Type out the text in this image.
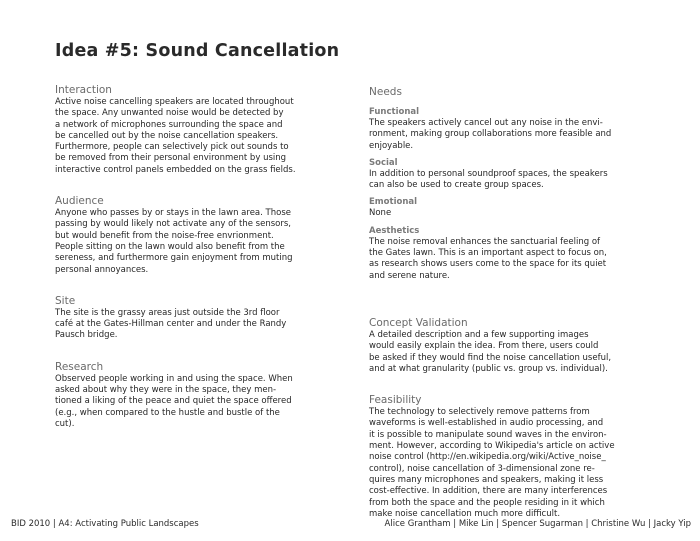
Idea #5: Sound Cancellation
Interaction
Active noise cancelling speakers are located throughout
the space. Any unwanted noise would be detected by
a network of microphones surrounding the space and
be cancelled out by the noise cancellation speakers.
Furthermore, people can selectively pick out sounds to
be removed from their personal environment by using
interactive control panels embedded on the grass fields.
Audience
Anyone who passes by or stays in the lawn area. Those
passing by would likely not activate any of the sensors,
but would benefit from the noise-free envrionment.
People sitting on the lawn would also benefit from the
sereness, and furthermore gain enjoyment from muting
personal annoyances.
Site
The site is the grassy areas just outside the 3rd floor
café at the Gates-Hillman center and under the Randy
Pausch bridge.
Research
Observed people working in and using the space. When
asked about why they were in the space, they men-
tioned a liking of the peace and quiet the space offered
(e.g., when compared to the hustle and bustle of the
cut).
Needs
Functional
The speakers actively cancel out any noise in the envi-
ronment, making group collaborations more feasible and
enjoyable.
Social
In addition to personal soundproof spaces, the speakers
can also be used to create group spaces.
Emotional
None
Aesthetics
The noise removal enhances the sanctuarial feeling of
the Gates lawn. This is an important aspect to focus on,
as research shows users come to the space for its quiet
and serene nature.
Concept Validation
A detailed description and a few supporting images
would easily explain the idea. From there, users could
be asked if they would find the noise cancellation useful,
and at what granularity (public vs. group vs. individual).
Feasibility
The technology to selectively remove patterns from
waveforms is well-established in audio processing, and
it is possible to manipulate sound waves in the environ-
ment. However, according to Wikipedia's article on active
noise control (http://en.wikipedia.org/wiki/Active_noise_
control), noise cancellation of 3-dimensional zone re-
quires many microphones and speakers, making it less
cost-effective. In addition, there are many interferences
from both the space and the people residing in it which
make noise cancellation much more difficult.
BID 2010 | A4: Activating Public Landscapes	Alice Grantham | Mike Lin | Spencer Sugarman | Christine Wu | Jacky Yip
